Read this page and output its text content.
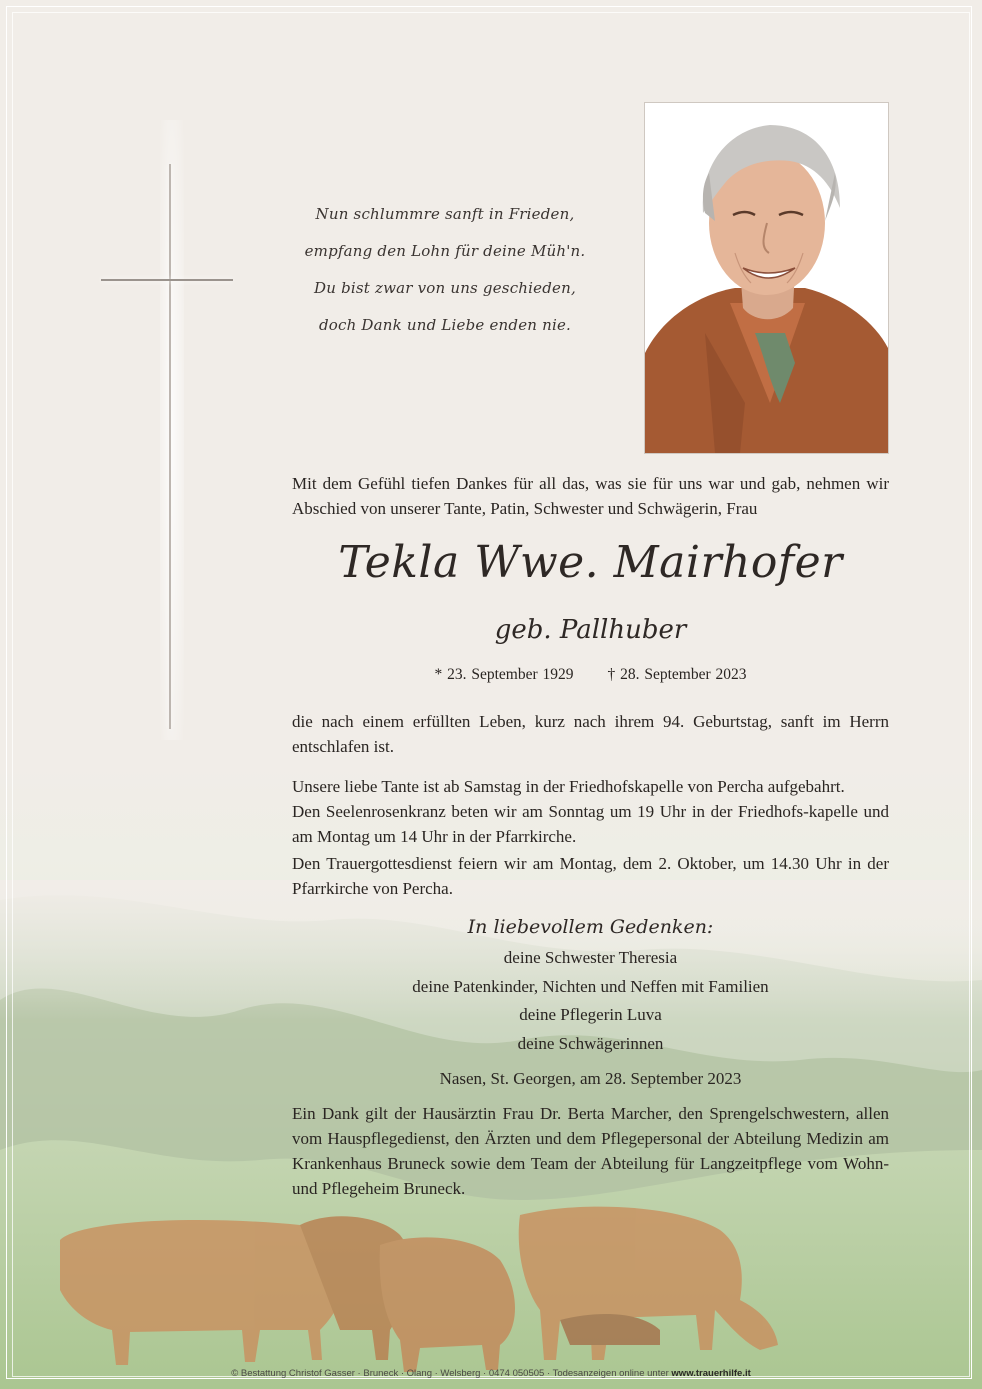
Nun schlummre sanft in Frieden,
empfang den Lohn für deine Müh'n.
Du bist zwar von uns geschieden,
doch Dank und Liebe enden nie.
Mit dem Gefühl tiefen Dankes für all das, was sie für uns war und gab, nehmen wir Abschied von unserer Tante, Patin, Schwester und Schwägerin, Frau
Tekla Wwe. Mairhofer
geb. Pallhuber
* 23. September 1929 † 28. September 2023
die nach einem erfüllten Leben, kurz nach ihrem 94. Geburtstag, sanft im Herrn entschlafen ist.
Unsere liebe Tante ist ab Samstag in der Friedhofskapelle von Percha aufgebahrt.
Den Seelenrosenkranz beten wir am Sonntag um 19 Uhr in der Friedhofs-kapelle und am Montag um 14 Uhr in der Pfarrkirche.
Den Trauergottesdienst feiern wir am Montag, dem 2. Oktober, um 14.30 Uhr in der Pfarrkirche von Percha.
In liebevollem Gedenken:
deine Schwester Theresia
deine Patenkinder, Nichten und Neffen mit Familien
deine Pflegerin Luva
deine Schwägerinnen
Nasen, St. Georgen, am 28. September 2023
Ein Dank gilt der Hausärztin Frau Dr. Berta Marcher, den Sprengelschwestern, allen vom Hauspflegedienst, den Ärzten und dem Pflegepersonal der Abteilung Medizin am Krankenhaus Bruneck sowie dem Team der Abteilung für Langzeitpflege vom Wohn- und Pflegeheim Bruneck.
© Bestattung Christof Gasser · Bruneck · Olang · Welsberg · 0474 050505 · Todesanzeigen online unter www.trauerhilfe.it
